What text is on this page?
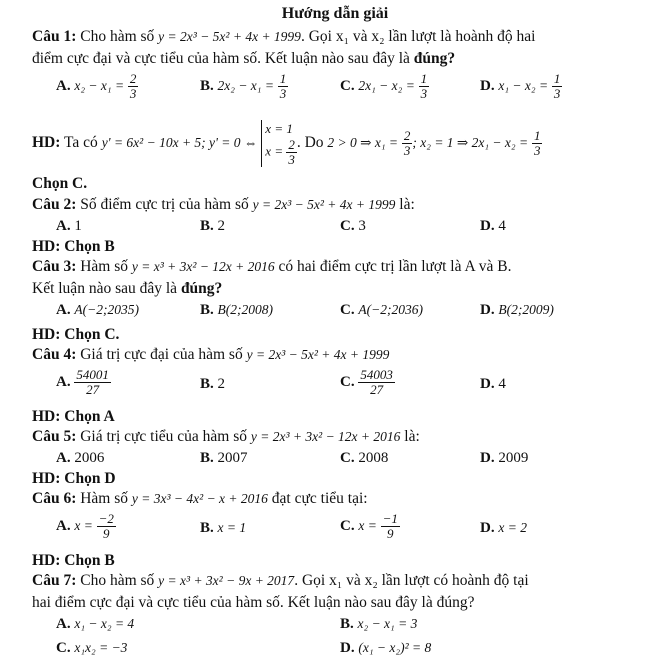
Hướng dẫn giải
Câu 1: Cho hàm số y = 2x³ − 5x² + 4x + 1999. Gọi x₁ và x₂ lần lượt là hoành độ hai
điểm cực đại và cực tiểu của hàm số. Kết luận nào sau đây là đúng?
A. $x_2 - x_1 = \frac{2}{3}$	B. $2x_2 - x_1 = \frac{1}{3}$	C. $2x_1 - x_2 = \frac{1}{3}$	D. $x_1 - x_2 = \frac{1}{3}$
HD: Ta có y' = 6x² − 10x + 5; y' = 0 ⇔
x = 1
$x = \frac{2}{3}$ . Do 2 > 0 ⇒ $x_1 = \frac{2}{3}$ ; x₂ = 1 ⇒ $2x_1 - x_2 = \frac{1}{3}$
Chọn C.
Câu 2: Số điểm cực trị của hàm số y = 2x³ − 5x² + 4x + 1999 là:
A. 1	B. 2	C. 3	D. 4
HD: Chọn B
Câu 3: Hàm số y = x³ + 3x² − 12x + 2016 có hai điểm cực trị lần lượt là A và B.
Kết luận nào sau đây là đúng?
A. A(−2;2035)	B. B(2;2008)	C. A(−2;2036)	D. B(2;2009)
HD: Chọn C.
Câu 4: Giá trị cực đại của hàm số y = 2x³ − 5x² + 4x + 1999
A. $\frac{54001}{27}$	B. 2	C. $\frac{54003}{27}$	D. 4
HD: Chọn A
Câu 5: Giá trị cực tiểu của hàm số y = 2x³ + 3x² − 12x + 2016 là:
A. 2006	B. 2007	C. 2008	D. 2009
HD: Chọn D
Câu 6: Hàm số y = 3x³ − 4x² − x + 2016 đạt cực tiểu tại:
A. $x = \frac{-2}{9}$	B. x = 1	C. $x = \frac{-1}{9}$	D. x = 2
HD: Chọn B
Câu 7: Cho hàm số y = x³ + 3x² − 9x + 2017. Gọi x₁ và x₂ lần lượt có hoành độ tại
hai điểm cực đại và cực tiểu của hàm số. Kết luận nào sau đây là đúng?
A. x₁ − x₂ = 4	B. x₂ − x₁ = 3
C. x₁x₂ = −3	D. (x₁ − x₂)² = 8
